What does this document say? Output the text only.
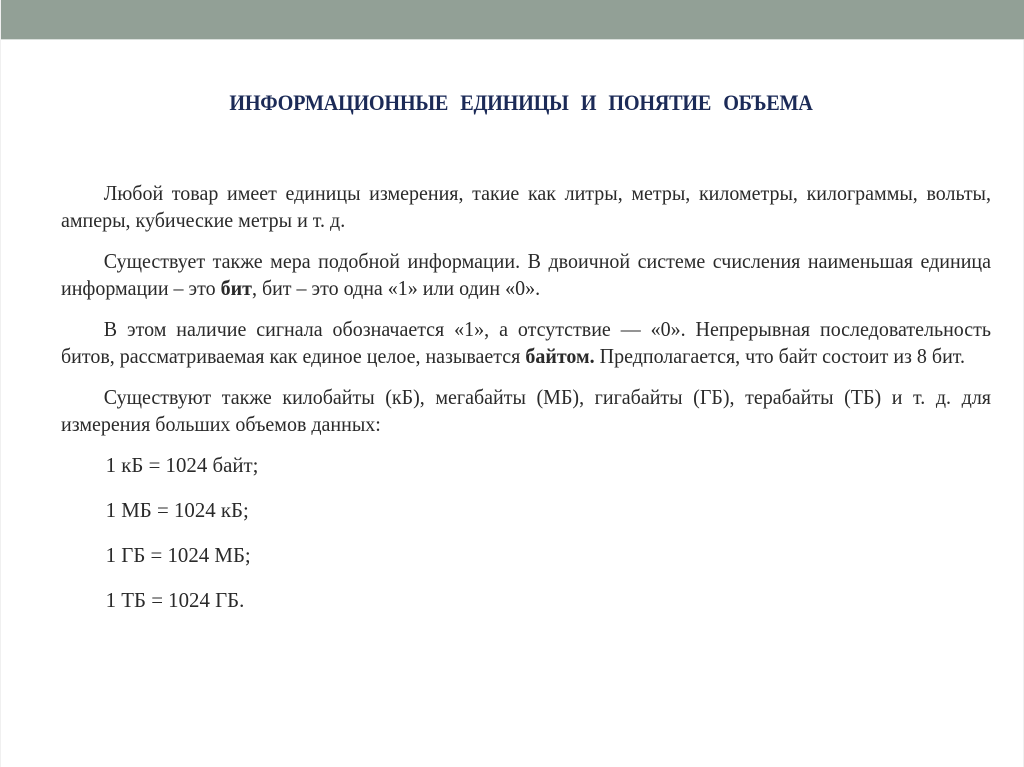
ИНФОРМАЦИОННЫЕ ЕДИНИЦЫ И ПОНЯТИЕ ОБЪЕМА

Любой товар имеет единицы измерения, такие как литры, метры, километры, килограммы, вольты, амперы, кубические метры и т. д.

Существует также мера подобной информации. В двоичной системе счисления наименьшая единица информации – это бит, бит – это одна «1» или один «0».

В этом наличие сигнала обозначается «1», а отсутствие — «0». Непрерывная последовательность битов, рассматриваемая как единое целое, называется байтом. Предполагается, что байт состоит из 8 бит.

Существуют также килобайты (кБ), мегабайты (МБ), гигабайты (ГБ), терабайты (ТБ) и т. д. для измерения больших объемов данных:

1 кБ = 1024 байт;

1 МБ = 1024 кБ;

1 ГБ = 1024 МБ;

1 ТБ = 1024 ГБ.
